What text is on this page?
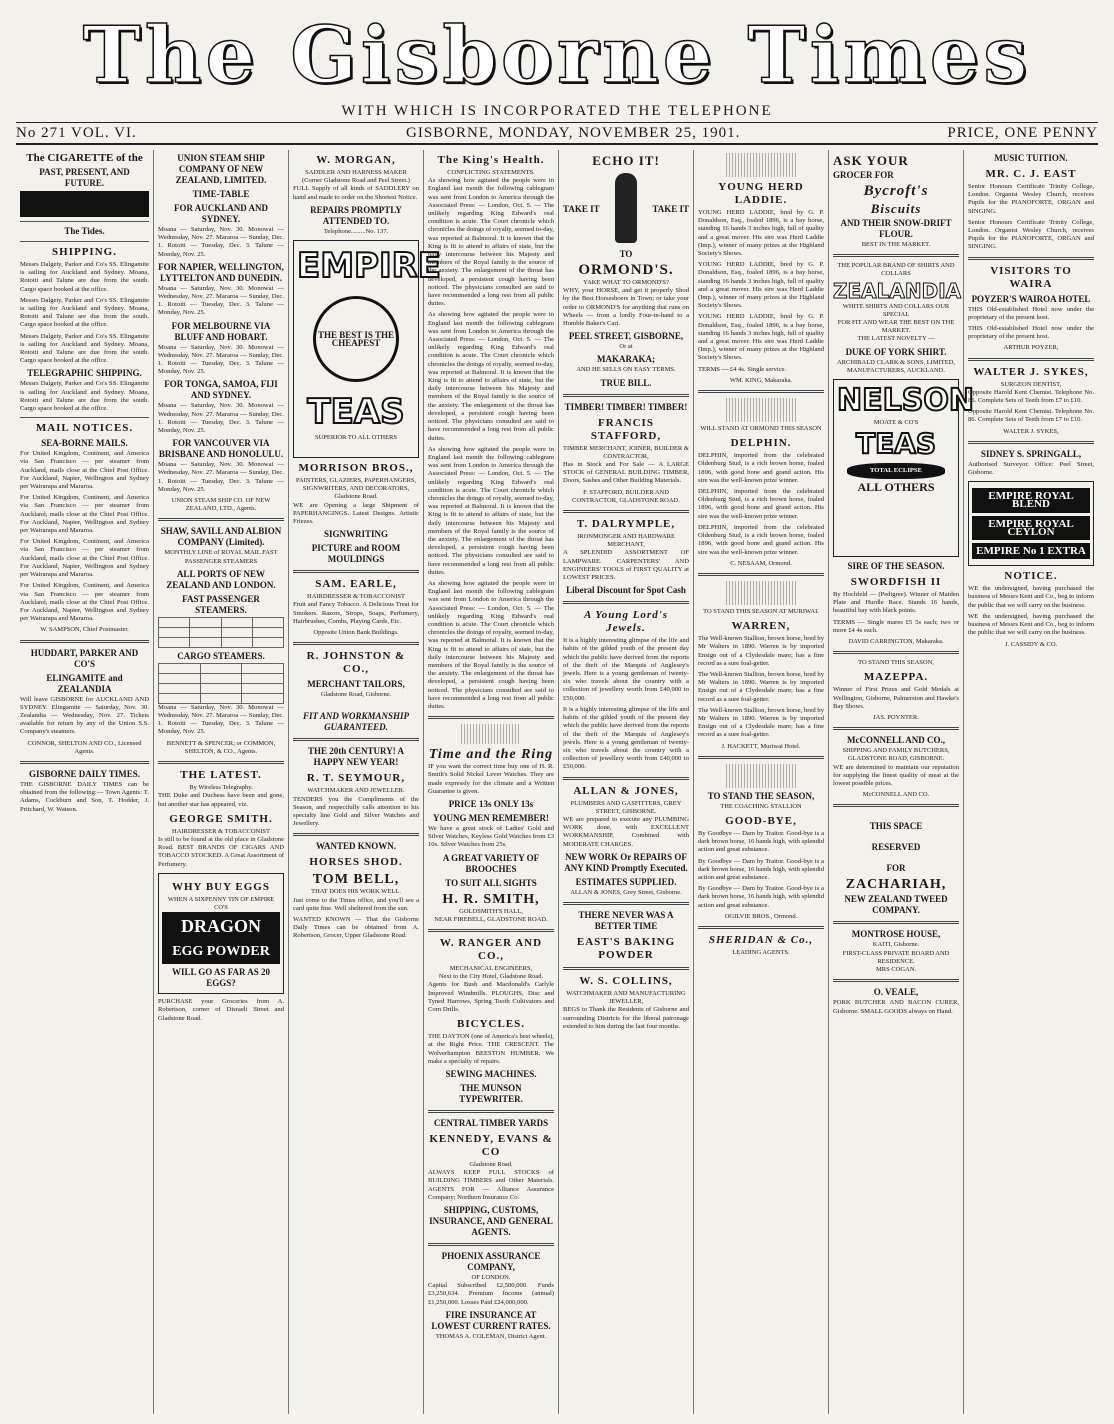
The Gisborne Times
WITH WHICH IS INCORPORATED THE TELEPHONE
No 271 VOL. VI.	GISBORNE, MONDAY, NOVEMBER 25, 1901.	PRICE, ONE PENNY
The CIGARETTE of the
PAST, PRESENT, AND FUTURE.
The Tides.
SHIPPING.
Messrs Dalgety, Parker and Co's SS. Elingamite is sailing for Auckland and Sydney. Moana, Rotoiti and Talune are due from the south. Cargo space booked at the office.
Messrs Dalgety, Parker and Co's SS. Elingamite is sailing for Auckland and Sydney. Moana, Rotoiti and Talune are due from the south. Cargo space booked at the office.
Messrs Dalgety, Parker and Co's SS. Elingamite is sailing for Auckland and Sydney. Moana, Rotoiti and Talune are due from the south. Cargo space booked at the office.
TELEGRAPHIC SHIPPING.
Messrs Dalgety, Parker and Co's SS. Elingamite is sailing for Auckland and Sydney. Moana, Rotoiti and Talune are due from the south. Cargo space booked at the office.
MAIL NOTICES.
SEA-BORNE MAILS.
For United Kingdom, Continent, and America via San Francisco — per steamer from Auckland, mails close at the Chief Post Office. For Auckland, Napier, Wellington and Sydney per Wairarapa and Mararoa.
For United Kingdom, Continent, and America via San Francisco — per steamer from Auckland, mails close at the Chief Post Office. For Auckland, Napier, Wellington and Sydney per Wairarapa and Mararoa.
For United Kingdom, Continent, and America via San Francisco — per steamer from Auckland, mails close at the Chief Post Office. For Auckland, Napier, Wellington and Sydney per Wairarapa and Mararoa.
For United Kingdom, Continent, and America via San Francisco — per steamer from Auckland, mails close at the Chief Post Office. For Auckland, Napier, Wellington and Sydney per Wairarapa and Mararoa.
W. SAMPSON, Chief Postmaster.
HUDDART, PARKER AND CO'S
ELINGAMITE and ZEALANDIA
Will leave GISBORNE for AUCKLAND AND SYDNEY. Elingamite — Saturday, Nov. 30. Zealandia — Wednesday, Nov. 27. Tickets available for return by any of the Union S.S. Company's steamers.
CONNOR, SHELTON AND CO., Licensed Agents.
GISBORNE DAILY TIMES.
THE GISBORNE DAILY TIMES can be obtained from the following:— Town Agents: T. Adams, Cockburn and Son, T. Hodder, J. Pritchard, W. Watson.
UNION STEAM SHIP COMPANY OF NEW ZEALAND, LIMITED.
TIME-TABLE
FOR AUCKLAND AND SYDNEY.
Moana — Saturday, Nov. 30. Monowai — Wednesday, Nov. 27. Mararoa — Sunday, Dec. 1. Rotoiti — Tuesday, Dec. 3. Talune — Monday, Nov. 25.
FOR NAPIER, WELLINGTON, LYTTELTON AND DUNEDIN.
Moana — Saturday, Nov. 30. Monowai — Wednesday, Nov. 27. Mararoa — Sunday, Dec. 1. Rotoiti — Tuesday, Dec. 3. Talune — Monday, Nov. 25.
FOR MELBOURNE VIA BLUFF AND HOBART.
Moana — Saturday, Nov. 30. Monowai — Wednesday, Nov. 27. Mararoa — Sunday, Dec. 1. Rotoiti — Tuesday, Dec. 3. Talune — Monday, Nov. 25.
FOR TONGA, SAMOA, FIJI AND SYDNEY.
Moana — Saturday, Nov. 30. Monowai — Wednesday, Nov. 27. Mararoa — Sunday, Dec. 1. Rotoiti — Tuesday, Dec. 3. Talune — Monday, Nov. 25.
FOR VANCOUVER VIA BRISBANE AND HONOLULU.
Moana — Saturday, Nov. 30. Monowai — Wednesday, Nov. 27. Mararoa — Sunday, Dec. 1. Rotoiti — Tuesday, Dec. 3. Talune — Monday, Nov. 25.
UNION STEAM SHIP CO. OF NEW ZEALAND, LTD., Agents.
SHAW, SAVILL AND ALBION COMPANY (Limited).
MONTHLY LINE of ROYAL MAIL FAST PASSENGER STEAMERS
ALL PORTS OF NEW ZEALAND AND LONDON.
FAST PASSENGER STEAMERS.

CARGO STEAMERS.

Moana — Saturday, Nov. 30. Monowai — Wednesday, Nov. 27. Mararoa — Sunday, Dec. 1. Rotoiti — Tuesday, Dec. 3. Talune — Monday, Nov. 25.
BENNETT & SPENCER; or COMMON, SHELTON, & CO., Agents.
THE LATEST.
By Wireless Telegraphy.
THE Duke and Duchess have been and gone, but another star has appeared, viz.
GEORGE SMITH.
HAIRDRESSER & TOBACCONIST
Is still to be found at the old place in Gladstone Road. BEST BRANDS OF CIGARS AND TOBACCO STOCKED. A Great Assortment of Perfumery.
WHY BUY EGGS
WHEN A SIXPENNY TIN OF EMPIRE CO'S
DRAGON
EGG POWDER
WILL GO AS FAR AS 20 EGGS?
PURCHASE your Groceries from A. Robertson, corner of Disraeli Street and Gladstone Road.
W. MORGAN,
SADDLER AND HARNESS MAKER
(Corner Gladstone Road and Peel Street.)
FULL Supply of all kinds of SADDLERY on hand and made to order on the Shortest Notice.
REPAIRS PROMPTLY ATTENDED TO.
Telephone.........No. 137.
EMPIRE
THE BEST IS THE CHEAPEST
TEAS
SUPERIOR TO ALL OTHERS
MORRISON BROS.,
PAINTERS, GLAZIERS, PAPERHANGERS, SIGNWRITERS, AND DECORATORS,
Gladstone Road.
WE are Opening a large Shipment of PAPERHANGINGS. Latest Designs. Artistic Friezes.
SIGNWRITING
PICTURE and ROOM MOULDINGS
SAM. EARLE,
HAIRDRESSER & TOBACCONIST
Fruit and Fancy Tobacco. A Delicious Treat for Smokers. Razors, Strops, Soaps, Perfumery, Hairbrushes, Combs, Playing Cards, Etc.
Opposite Union Bank Buildings.
R. JOHNSTON & CO.,
MERCHANT TAILORS,
Gladstone Road, Gisborne.
FIT AND WORKMANSHIP GUARANTEED.
THE 20th CENTURY! A HAPPY NEW YEAR!
R. T. SEYMOUR,
WATCHMAKER AND JEWELLER.
TENDERS you the Compliments of the Season, and respectfully calls attention to his specialty line Gold and Silver Watches and Jewellery.
WANTED KNOWN.
HORSES SHOD.
TOM BELL,
THAT DOES HIS WORK WELL.
Just come to the Times office, and you'll see a card quite fine. Well sheltered from the sun.
WANTED KNOWN — That the Gisborne Daily Times can be obtained from A. Robertson, Grocer, Upper Gladstone Road.
The King's Health.
CONFLICTING STATEMENTS.
As showing how agitated the people were in England last month the following cablegram was sent from London to America through the Associated Press: — London, Oct. 5. — The unlikely regarding King Edward's real condition is acute. The Court chronicle which chronicles the doings of royalty, seemed to-day, was reported at Balmoral. It is known that the King is fit to attend to affairs of state, but the daily intercourse between his Majesty and members of the Royal family is the source of the anxiety. The enlargement of the throat has developed, a persistent cough having been noticed. The physicians consulted are said to have recommended a long rest from all public duties.
As showing how agitated the people were in England last month the following cablegram was sent from London to America through the Associated Press: — London, Oct. 5. — The unlikely regarding King Edward's real condition is acute. The Court chronicle which chronicles the doings of royalty, seemed to-day, was reported at Balmoral. It is known that the King is fit to attend to affairs of state, but the daily intercourse between his Majesty and members of the Royal family is the source of the anxiety. The enlargement of the throat has developed, a persistent cough having been noticed. The physicians consulted are said to have recommended a long rest from all public duties.
As showing how agitated the people were in England last month the following cablegram was sent from London to America through the Associated Press: — London, Oct. 5. — The unlikely regarding King Edward's real condition is acute. The Court chronicle which chronicles the doings of royalty, seemed to-day, was reported at Balmoral. It is known that the King is fit to attend to affairs of state, but the daily intercourse between his Majesty and members of the Royal family is the source of the anxiety. The enlargement of the throat has developed, a persistent cough having been noticed. The physicians consulted are said to have recommended a long rest from all public duties.
As showing how agitated the people were in England last month the following cablegram was sent from London to America through the Associated Press: — London, Oct. 5. — The unlikely regarding King Edward's real condition is acute. The Court chronicle which chronicles the doings of royalty, seemed to-day, was reported at Balmoral. It is known that the King is fit to attend to affairs of state, but the daily intercourse between his Majesty and members of the Royal family is the source of the anxiety. The enlargement of the throat has developed, a persistent cough having been noticed. The physicians consulted are said to have recommended a long rest from all public duties.
Time and the Ring
IF you want the correct time buy one of H. R. Smith's Solid Nickel Lever Watches. They are made expressly for the climate and a Written Guarantee is given.
PRICE 13s ONLY 13s
YOUNG MEN REMEMBER!
We have a great stock of Ladies' Gold and Silver Watches, Keyless Gold Watches from £3 10s. Silver Watches from 25s.
A GREAT VARIETY OF BROOCHES
TO SUIT ALL SIGHTS
H. R. SMITH,
GOLDSMITH'S HALL,
NEAR FIREBELL, GLADSTONE ROAD.
W. RANGER AND CO.,
MECHANICAL ENGINEERS,
Next to the City Hotel, Gladstone Road.
Agents for Bush and Macdonald's Carlyle Improved Windmills. PLOUGHS, Disc and Tyned Harrows, Spring Tooth Cultivators and Corn Drills.
BICYCLES.
THE DAYTON (one of America's best wheels), at the Right Price. THE CRESCENT. The Wolverhampton BEESTON HUMBER. We make a specialty of repairs.
SEWING MACHINES.
THE MUNSON TYPEWRITER.
CENTRAL TIMBER YARDS
KENNEDY, EVANS & CO
Gladstone Road.
ALWAYS KEEP FULL STOCKS of BUILDING TIMBERS and Other Materials. AGENTS FOR — Alliance Assurance Company; Northern Insurance Co.
SHIPPING, CUSTOMS, INSURANCE, AND GENERAL AGENTS.
PHOENIX ASSURANCE COMPANY,
OF LONDON.
Capital Subscribed £2,500,000. Funds £3,250,634. Premium Income (annual) £1,250,000. Losses Paid £24,000,000.
FIRE INSURANCE AT LOWEST CURRENT RATES.
THOMAS A. COLEMAN, District Agent.
ECHO IT!
TAKE IT	TAKE IT
TO
ORMOND'S.
YAKE WHAT TO ORMOND'S?
WHY, your HORSE, and get it properly Shod by the Best Horseshoers in Town; or take your order to ORMOND'S for anything that runs on Wheels — from a lordly Four-in-hand to a Humble Baker's Cart.
PEEL STREET, GISBORNE,
Or at
MAKARAKA;
AND HE SELLS ON EASY TERMS.
TRUE BILL.
TIMBER! TIMBER! TIMBER!
FRANCIS STAFFORD,
TIMBER MERCHANT, JOINER, BUILDER & CONTRACTOR,
Has in Stock and For Sale — A LARGE STOCK of GENERAL BUILDING TIMBER, Doors, Sashes and Other Building Materials.
F. STAFFORD, BUILDER AND CONTRACTOR, GLADSTONE ROAD.
T. DALRYMPLE,
IRONMONGER AND HARDWARE MERCHANT,
A SPLENDID ASSORTMENT OF LAMPWARE. CARPENTERS' AND ENGINEERS' TOOLS of FIRST QUALITY at LOWEST PRICES.
Liberal Discount for Spot Cash
A Young Lord's Jewels.
It is a highly interesting glimpse of the life and habits of the gilded youth of the present day which the public have derived from the reports of the theft of the Marquis of Anglesey's jewels. Here is a young gentleman of twenty-six who travels about the country with a collection of jewellery worth from £40,000 to £50,000.
It is a highly interesting glimpse of the life and habits of the gilded youth of the present day which the public have derived from the reports of the theft of the Marquis of Anglesey's jewels. Here is a young gentleman of twenty-six who travels about the country with a collection of jewellery worth from £40,000 to £50,000.
ALLAN & JONES,
PLUMBERS AND GASFITTERS, GREY STREET, GISBORNE.
WE are prepared to execute any PLUMBING WORK done, with EXCELLENT WORKMANSHIP, Combined with MODERATE CHARGES.
NEW WORK Or REPAIRS OF ANY KIND Promptly Executed.
ESTIMATES SUPPLIED.
ALLAN & JONES, Grey Street, Gisborne.
THERE NEVER WAS A BETTER TIME
EAST'S BAKING POWDER
W. S. COLLINS,
WATCHMAKER AND MANUFACTURING JEWELLER,
BEGS to Thank the Residents of Gisborne and surrounding Districts for the liberal patronage extended to him during the last four months.
YOUNG HERD LADDIE.
YOUNG HERD LADDIE, bred by G. P. Donaldson, Esq., foaled 1896, is a bay horse, standing 16 hands 3 inches high, full of quality and a great mover. His sire was Herd Laddie (Imp.), winner of many prizes at the Highland Society's Shows.
YOUNG HERD LADDIE, bred by G. P. Donaldson, Esq., foaled 1896, is a bay horse, standing 16 hands 3 inches high, full of quality and a great mover. His sire was Herd Laddie (Imp.), winner of many prizes at the Highland Society's Shows.
YOUNG HERD LADDIE, bred by G. P. Donaldson, Esq., foaled 1896, is a bay horse, standing 16 hands 3 inches high, full of quality and a great mover. His sire was Herd Laddie (Imp.), winner of many prizes at the Highland Society's Shows.
TERMS — £4 4s. Single service.
WM. KING, Makaraka.
WILL STAND AT ORMOND THIS SEASON
DELPHIN.
DELPHIN, imported from the celebrated Oldenburg Stud, is a rich brown horse, foaled 1896, with good bone and grand action. His sire was the well-known prize winner.
DELPHIN, imported from the celebrated Oldenburg Stud, is a rich brown horse, foaled 1896, with good bone and grand action. His sire was the well-known prize winner.
DELPHIN, imported from the celebrated Oldenburg Stud, is a rich brown horse, foaled 1896, with good bone and grand action. His sire was the well-known prize winner.
C. NESAAM, Ormond.
TO STAND THIS SEASON AT MURIWAI.
WARREN,
The Well-known Stallion, brown horse, bred by Mr Walters in 1890. Warren is by imported Ensign out of a Clydesdale mare; has a fine record as a sure foal-getter.
The Well-known Stallion, brown horse, bred by Mr Walters in 1890. Warren is by imported Ensign out of a Clydesdale mare; has a fine record as a sure foal-getter.
The Well-known Stallion, brown horse, bred by Mr Walters in 1890. Warren is by imported Ensign out of a Clydesdale mare; has a fine record as a sure foal-getter.
J. HACKETT, Muriwai Hotel.
TO STAND THE SEASON,
THE COACHING STALLION
GOOD-BYE,
By Goodbye — Dam by Traitor. Good-bye is a dark brown horse, 16 hands high, with splendid action and great substance.
By Goodbye — Dam by Traitor. Good-bye is a dark brown horse, 16 hands high, with splendid action and great substance.
By Goodbye — Dam by Traitor. Good-bye is a dark brown horse, 16 hands high, with splendid action and great substance.
OGILVIE BROS., Ormond.
SHERIDAN & Co.,
LEADING AGENTS.
ASK YOUR
GROCER FOR
Bycroft's
Biscuits
AND THEIR SNOW-DRIFT FLOUR.
BEST IN THE MARKET.
THE POPULAR BRAND OF SHIRTS AND COLLARS
ZEALANDIA
WHITE SHIRTS AND COLLARS OUR SPECIAL
FOR FIT AND WEAR THE BEST ON THE MARKET.
THE LATEST NOVELTY —
DUKE OF YORK SHIRT.
ARCHIBALD CLARK & SONS, LIMITED, MANUFACTURERS, AUCKLAND.
NELSON
MOATE & CO'S
TEAS
TOTAL ECLIPSE
ALL OTHERS
SIRE OF THE SEASON.
SWORDFISH II
By Hochfeld — (Pedigree). Winner of Maiden Plate and Hurdle Race. Stands 16 hands, beautiful bay with black points.
TERMS — Single mares £5 5s each; two or more £4 4s each.
DAVID CARRINGTON, Makaraka.
TO STAND THIS SEASON,
MAZEPPA.
Winner of First Prizes and Gold Medals at Wellington, Gisborne, Palmerston and Hawke's Bay Shows.
JAS. POYNTER.
McCONNELL AND CO.,
SHIPPING AND FAMILY BUTCHERS, GLADSTONE ROAD, GISBORNE.
WE are determined to maintain our reputation for supplying the finest quality of meat at the lowest possible prices.
McCONNELL AND CO.
THIS SPACE
RESERVED
FOR
ZACHARIAH,
NEW ZEALAND TWEED COMPANY.
MONTROSE HOUSE,
KAITI, Gisborne.
FIRST-CLASS PRIVATE BOARD AND RESIDENCE.
MRS COGAN.
O. VEALE,
PORK BUTCHER AND BACON CURER, Gisborne. SMALL GOODS always on Hand.
MUSIC TUITION.
MR. C. J. EAST
Senior Honours Certificate Trinity College, London. Organist Wesley Church, receives Pupils for the PIANOFORTE, ORGAN and SINGING.
Senior Honours Certificate Trinity College, London. Organist Wesley Church, receives Pupils for the PIANOFORTE, ORGAN and SINGING.
VISITORS TO WAIRA
POYZER'S WAIROA HOTEL
THIS Old-established Hotel now under the proprietary of the present host.
THIS Old-established Hotel now under the proprietary of the present host.
ARTHUR POYZER,
WALTER J. SYKES,
SURGEON DENTIST,
Opposite Harold Kent Chemist. Telephone No. 86. Complete Sets of Teeth from £7 to £10.
Opposite Harold Kent Chemist. Telephone No. 86. Complete Sets of Teeth from £7 to £10.
WALTER J. SYKES,
SIDNEY S. SPRINGALL,
Authorised Surveyor. Office: Peel Street, Gisborne.
EMPIRE ROYAL BLEND
EMPIRE ROYAL CEYLON
EMPIRE No 1 EXTRA
NOTICE.
WE the undersigned, having purchased the business of Messrs Kent and Co., beg to inform the public that we will carry on the business.
WE the undersigned, having purchased the business of Messrs Kent and Co., beg to inform the public that we will carry on the business.
J. CASSIDY & CO.
